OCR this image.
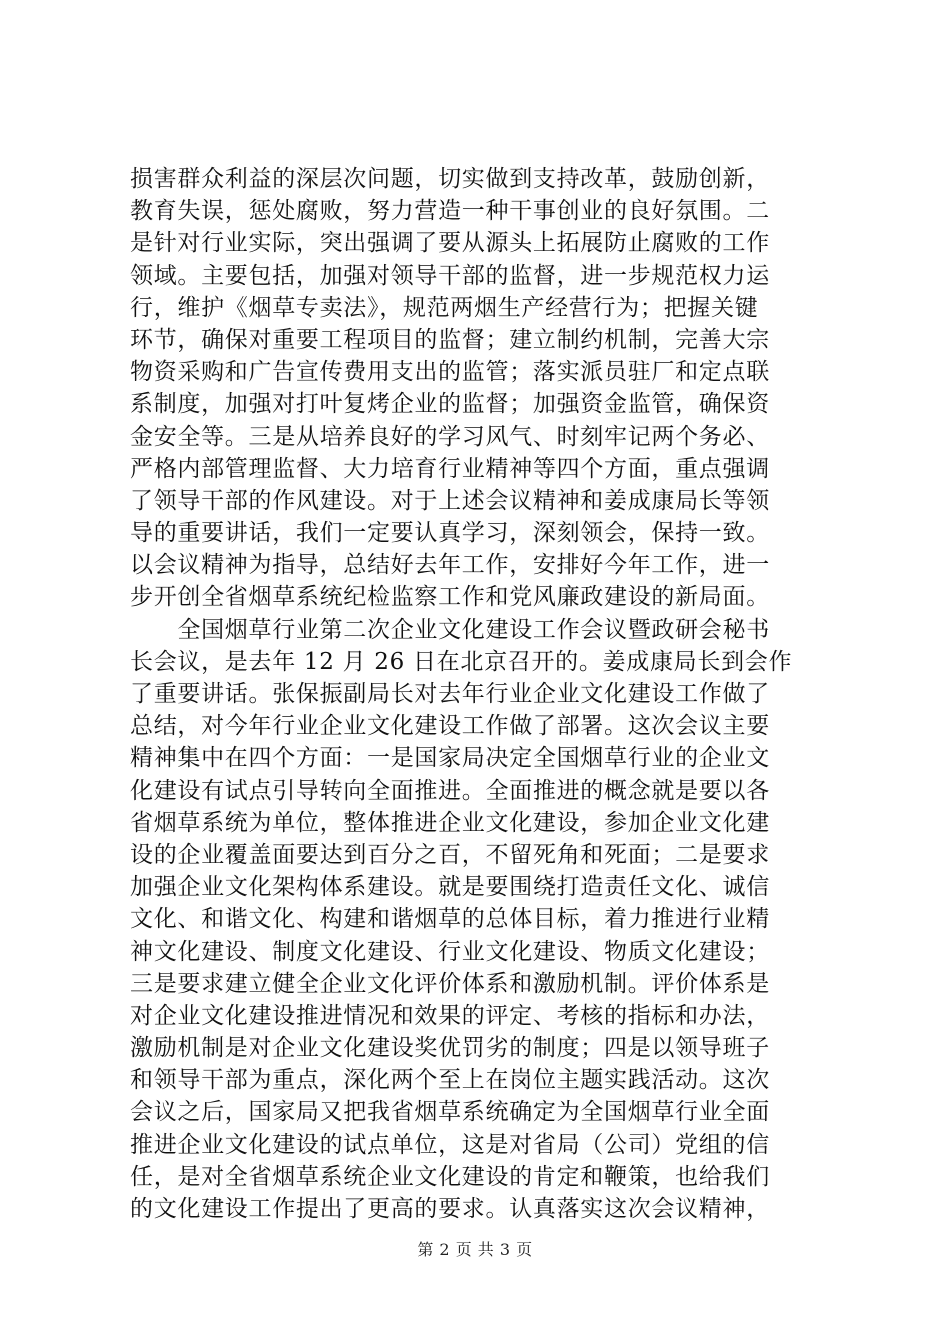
损害群众利益的深层次问题，切实做到支持改革，鼓励创新，
教育失误，惩处腐败，努力营造一种干事创业的良好氛围。二
是针对行业实际，突出强调了要从源头上拓展防止腐败的工作
领域。主要包括，加强对领导干部的监督，进一步规范权力运
行，维护《烟草专卖法》，规范两烟生产经营行为；把握关键
环节，确保对重要工程项目的监督；建立制约机制，完善大宗
物资采购和广告宣传费用支出的监管；落实派员驻厂和定点联
系制度，加强对打叶复烤企业的监督；加强资金监管，确保资
金安全等。三是从培养良好的学习风气、时刻牢记两个务必、
严格内部管理监督、大力培育行业精神等四个方面，重点强调
了领导干部的作风建设。对于上述会议精神和姜成康局长等领
导的重要讲话，我们一定要认真学习，深刻领会，保持一致。
以会议精神为指导，总结好去年工作，安排好今年工作，进一
步开创全省烟草系统纪检监察工作和党风廉政建设的新局面。
　　全国烟草行业第二次企业文化建设工作会议暨政研会秘书
长会议，是去年 12 月 26 日在北京召开的。姜成康局长到会作
了重要讲话。张保振副局长对去年行业企业文化建设工作做了
总结，对今年行业企业文化建设工作做了部署。这次会议主要
精神集中在四个方面：一是国家局决定全国烟草行业的企业文
化建设有试点引导转向全面推进。全面推进的概念就是要以各
省烟草系统为单位，整体推进企业文化建设，参加企业文化建
设的企业覆盖面要达到百分之百，不留死角和死面；二是要求
加强企业文化架构体系建设。就是要围绕打造责任文化、诚信
文化、和谐文化、构建和谐烟草的总体目标，着力推进行业精
神文化建设、制度文化建设、行业文化建设、物质文化建设；
三是要求建立健全企业文化评价体系和激励机制。评价体系是
对企业文化建设推进情况和效果的评定、考核的指标和办法，
激励机制是对企业文化建设奖优罚劣的制度；四是以领导班子
和领导干部为重点，深化两个至上在岗位主题实践活动。这次
会议之后，国家局又把我省烟草系统确定为全国烟草行业全面
推进企业文化建设的试点单位，这是对省局（公司）党组的信
任，是对全省烟草系统企业文化建设的肯定和鞭策，也给我们
的文化建设工作提出了更高的要求。认真落实这次会议精神，
第 2 页 共 3 页
